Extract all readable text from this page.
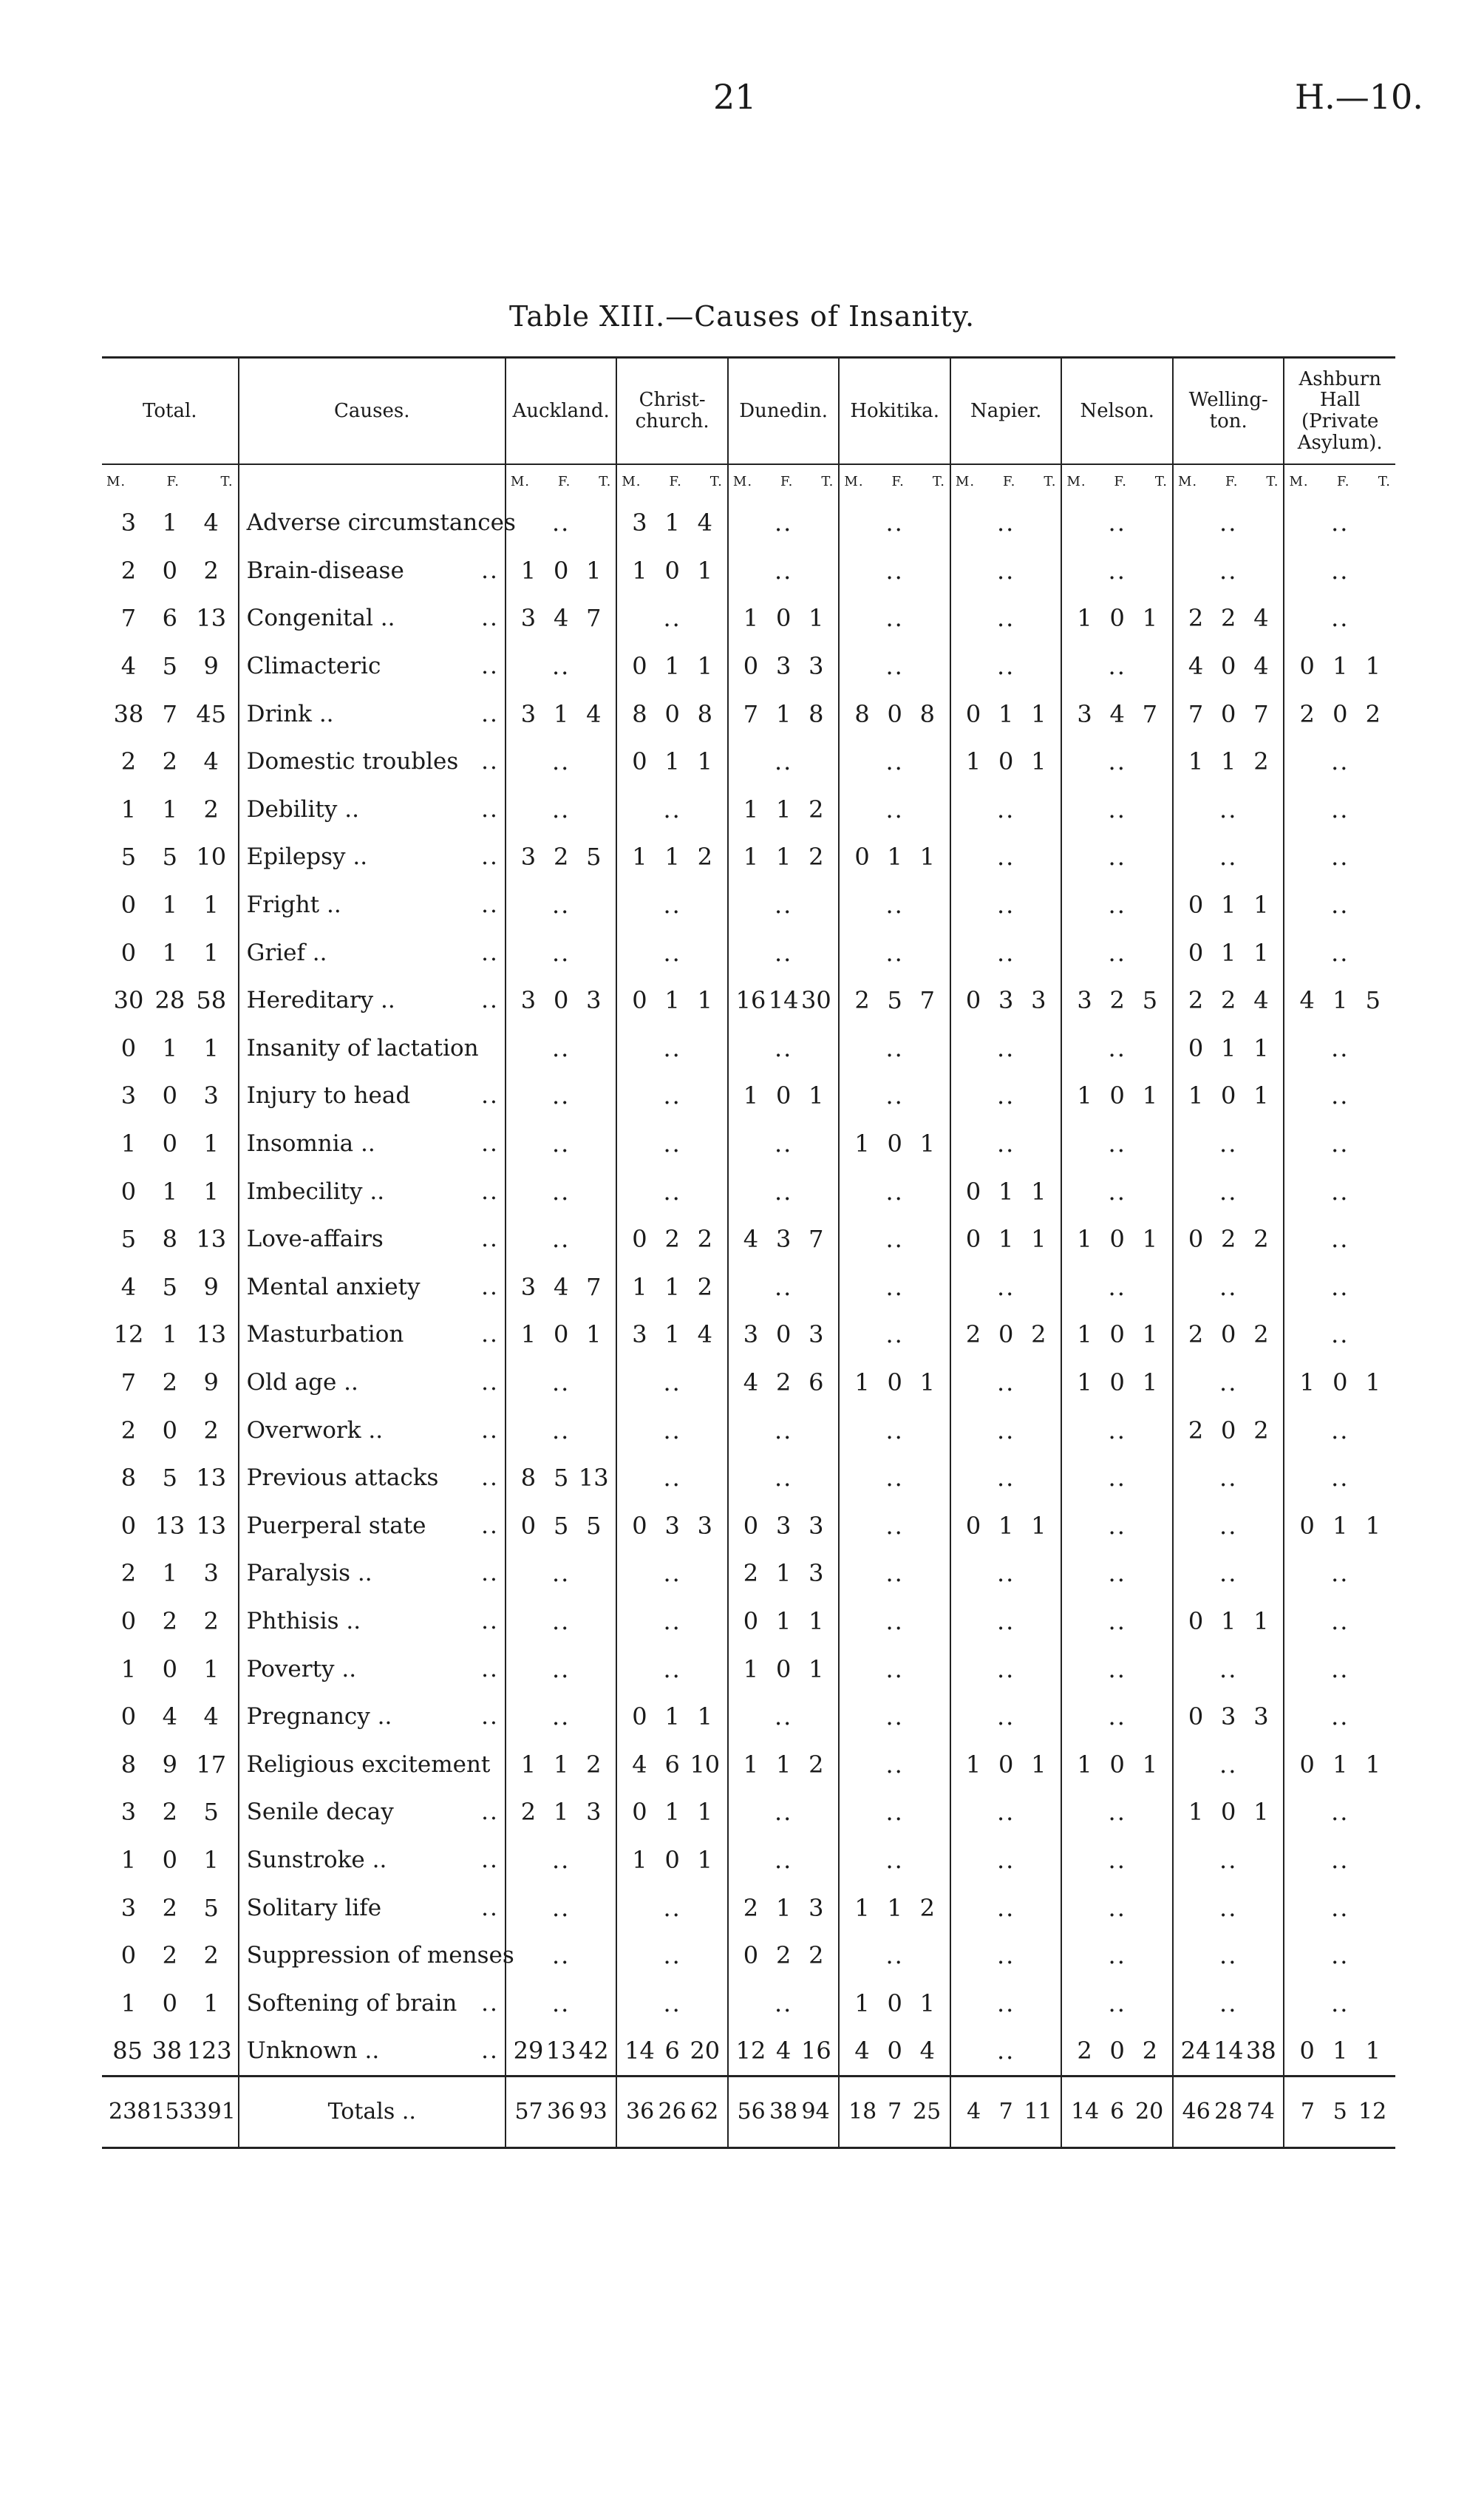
21	H.—10.
Table XIII.—Causes of Insanity.
Total.	Causes.	Auckland.	Christ-church.	Dunedin.	Hokitika.	Napier.	Nelson.	Welling-ton.	Ashburn Hall (Private Asylum).

M. F. T.		M. F. T.	M. F. T.	M. F. T.	M. F. T.	M. F. T.	M. F. T.	M. F. T.	M. F. T.

3 1 4	Adverse circumstances	..	3 1 4	..	..	..	..	..	..

2 0 2	Brain-disease ..	1 0 1	1 0 1	..	..	..	..	..	..

7 6 13	Congenital .. ..	3 4 7	..	1 0 1	..	..	1 0 1	2 2 4	..

4 5 9	Climacteric ..	..	0 1 1	0 3 3	..	..	..	4 0 4	0 1 1

38 7 45	Drink .. ..	3 1 4	8 0 8	7 1 8	8 0 8	0 1 1	3 4 7	7 0 7	2 0 2

2 2 4	Domestic troubles ..	..	0 1 1	..	..	1 0 1	..	1 1 2	..

1 1 2	Debility .. ..	..	..	1 1 2	..	..	..	..	..

5 5 10	Epilepsy .. ..	3 2 5	1 1 2	1 1 2	0 1 1	..	..	..	..

0 1 1	Fright .. ..	..	..	..	..	..	..	0 1 1	..

0 1 1	Grief .. ..	..	..	..	..	..	..	0 1 1	..

30 28 58	Hereditary .. ..	3 0 3	0 1 1	16 14 30	2 5 7	0 3 3	3 2 5	2 2 4	4 1 5

0 1 1	Insanity of lactation	..	..	..	..	..	..	0 1 1	..

3 0 3	Injury to head ..	..	..	1 0 1	..	..	1 0 1	1 0 1	..

1 0 1	Insomnia .. ..	..	..	..	1 0 1	..	..	..	..

0 1 1	Imbecility .. ..	..	..	..	..	0 1 1	..	..	..

5 8 13	Love-affairs ..	..	0 2 2	4 3 7	..	0 1 1	1 0 1	0 2 2	..

4 5 9	Mental anxiety ..	3 4 7	1 1 2	..	..	..	..	..	..

12 1 13	Masturbation ..	1 0 1	3 1 4	3 0 3	..	2 0 2	1 0 1	2 0 2	..

7 2 9	Old age .. ..	..	..	4 2 6	1 0 1	..	1 0 1	..	1 0 1

2 0 2	Overwork .. ..	..	..	..	..	..	..	2 0 2	..

8 5 13	Previous attacks ..	8 5 13	..	..	..	..	..	..	..

0 13 13	Puerperal state ..	0 5 5	0 3 3	0 3 3	..	0 1 1	..	..	0 1 1

2 1 3	Paralysis .. ..	..	..	2 1 3	..	..	..	..	..

0 2 2	Phthisis .. ..	..	..	0 1 1	..	..	..	0 1 1	..

1 0 1	Poverty .. ..	..	..	1 0 1	..	..	..	..	..

0 4 4	Pregnancy .. ..	..	0 1 1	..	..	..	..	0 3 3	..

8 9 17	Religious excitement	1 1 2	4 6 10	1 1 2	..	1 0 1	1 0 1	..	0 1 1

3 2 5	Senile decay ..	2 1 3	0 1 1	..	..	..	..	1 0 1	..

1 0 1	Sunstroke .. ..	..	1 0 1	..	..	..	..	..	..

3 2 5	Solitary life ..	..	..	2 1 3	1 1 2	..	..	..	..

0 2 2	Suppression of menses	..	..	0 2 2	..	..	..	..	..

1 0 1	Softening of brain ..	..	..	..	1 0 1	..	..	..	..

85 38 123	Unknown .. ..	29 13 42	14 6 20	12 4 16	4 0 4	..	2 0 2	24 14 38	0 1 1

238 153 391	Totals ..	57 36 93	36 26 62	56 38 94	18 7 25	4 7 11	14 6 20	46 28 74	7 5 12
